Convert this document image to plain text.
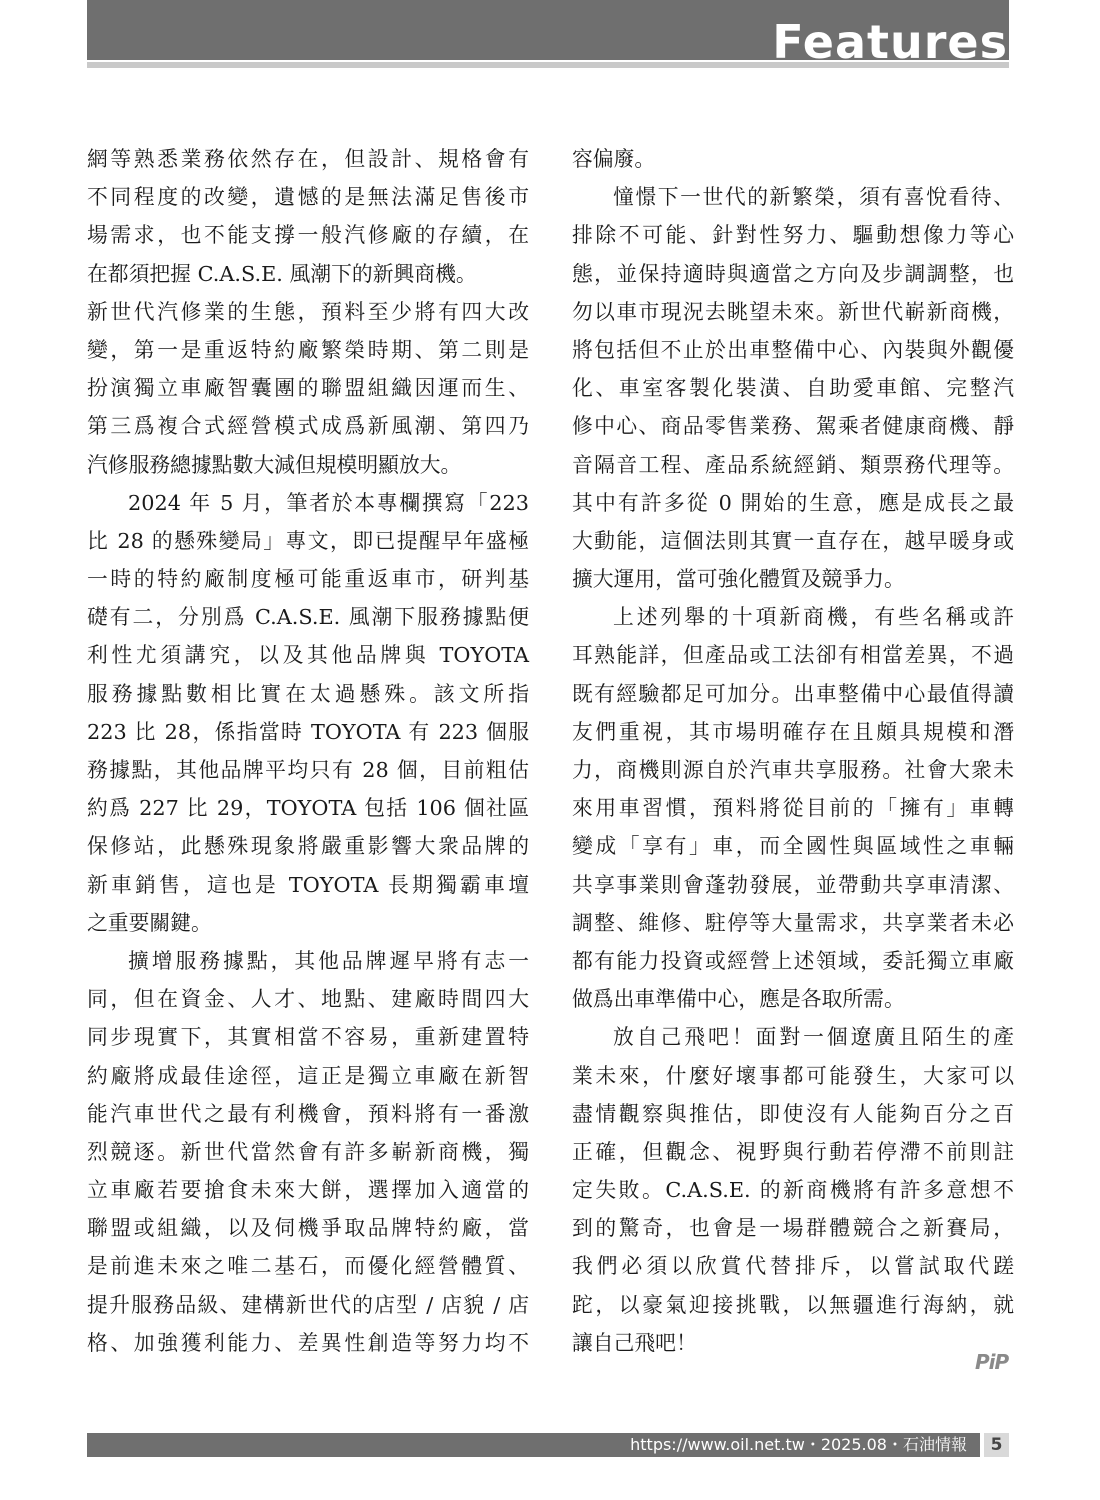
Features
網等熟悉業務依然存在，但設計、規格會有
不同程度的改變，遺憾的是無法滿足售後市
場需求，也不能支撐一般汽修廠的存續，在
在都須把握 C.A.S.E. 風潮下的新興商機。
新世代汽修業的生態，預料至少將有四大改
變，第一是重返特約廠繁榮時期、第二則是
扮演獨立車廠智囊團的聯盟組織因運而生、
第三爲複合式經營模式成爲新風潮、第四乃
汽修服務總據點數大減但規模明顯放大。
2024 年 5 月，筆者於本專欄撰寫「223
比 28 的懸殊變局」專文，即已提醒早年盛極
一時的特約廠制度極可能重返車市，研判基
礎有二，分別爲 C.A.S.E. 風潮下服務據點便
利性尤須講究，以及其他品牌與 TOYOTA
服務據點數相比實在太過懸殊。該文所指
223 比 28，係指當時 TOYOTA 有 223 個服
務據點，其他品牌平均只有 28 個，目前粗估
約爲 227 比 29，TOYOTA 包括 106 個社區
保修站，此懸殊現象將嚴重影響大衆品牌的
新車銷售，這也是 TOYOTA 長期獨霸車壇
之重要關鍵。
擴增服務據點，其他品牌遲早將有志一
同，但在資金、人才、地點、建廠時間四大
同步現實下，其實相當不容易，重新建置特
約廠將成最佳途徑，這正是獨立車廠在新智
能汽車世代之最有利機會，預料將有一番激
烈競逐。新世代當然會有許多嶄新商機，獨
立車廠若要搶食未來大餅，選擇加入適當的
聯盟或組織，以及伺機爭取品牌特約廠，當
是前進未來之唯二基石，而優化經營體質、
提升服務品級、建構新世代的店型 / 店貌 / 店
格、加強獲利能力、差異性創造等努力均不
容偏廢。
憧憬下一世代的新繁榮，須有喜悅看待、
排除不可能、針對性努力、驅動想像力等心
態，並保持適時與適當之方向及步調調整，也
勿以車市現況去眺望未來。新世代嶄新商機，
將包括但不止於出車整備中心、內裝與外觀優
化、車室客製化裝潢、自助愛車館、完整汽
修中心、商品零售業務、駕乘者健康商機、靜
音隔音工程、產品系統經銷、類票務代理等。
其中有許多從 0 開始的生意，應是成長之最
大動能，這個法則其實一直存在，越早暖身或
擴大運用，當可強化體質及競爭力。
上述列舉的十項新商機，有些名稱或許
耳熟能詳，但產品或工法卻有相當差異，不過
既有經驗都足可加分。出車整備中心最值得讀
友們重視，其市場明確存在且頗具規模和潛
力，商機則源自於汽車共享服務。社會大衆未
來用車習慣，預料將從目前的「擁有」車轉
變成「享有」車，而全國性與區域性之車輛
共享事業則會蓬勃發展，並帶動共享車清潔、
調整、維修、駐停等大量需求，共享業者未必
都有能力投資或經營上述領域，委託獨立車廠
做爲出車準備中心，應是各取所需。
放自己飛吧！面對一個遼廣且陌生的產
業未來，什麼好壞事都可能發生，大家可以
盡情觀察與推估，即使沒有人能夠百分之百
正確，但觀念、視野與行動若停滯不前則註
定失敗。C.A.S.E. 的新商機將有許多意想不
到的驚奇，也會是一場群體競合之新賽局，
我們必須以欣賞代替排斥，以嘗試取代蹉
跎，以豪氣迎接挑戰，以無疆進行海納，就
讓自己飛吧！
PiP
https://www.oil.net.tw・2025.08・石油情報	5
